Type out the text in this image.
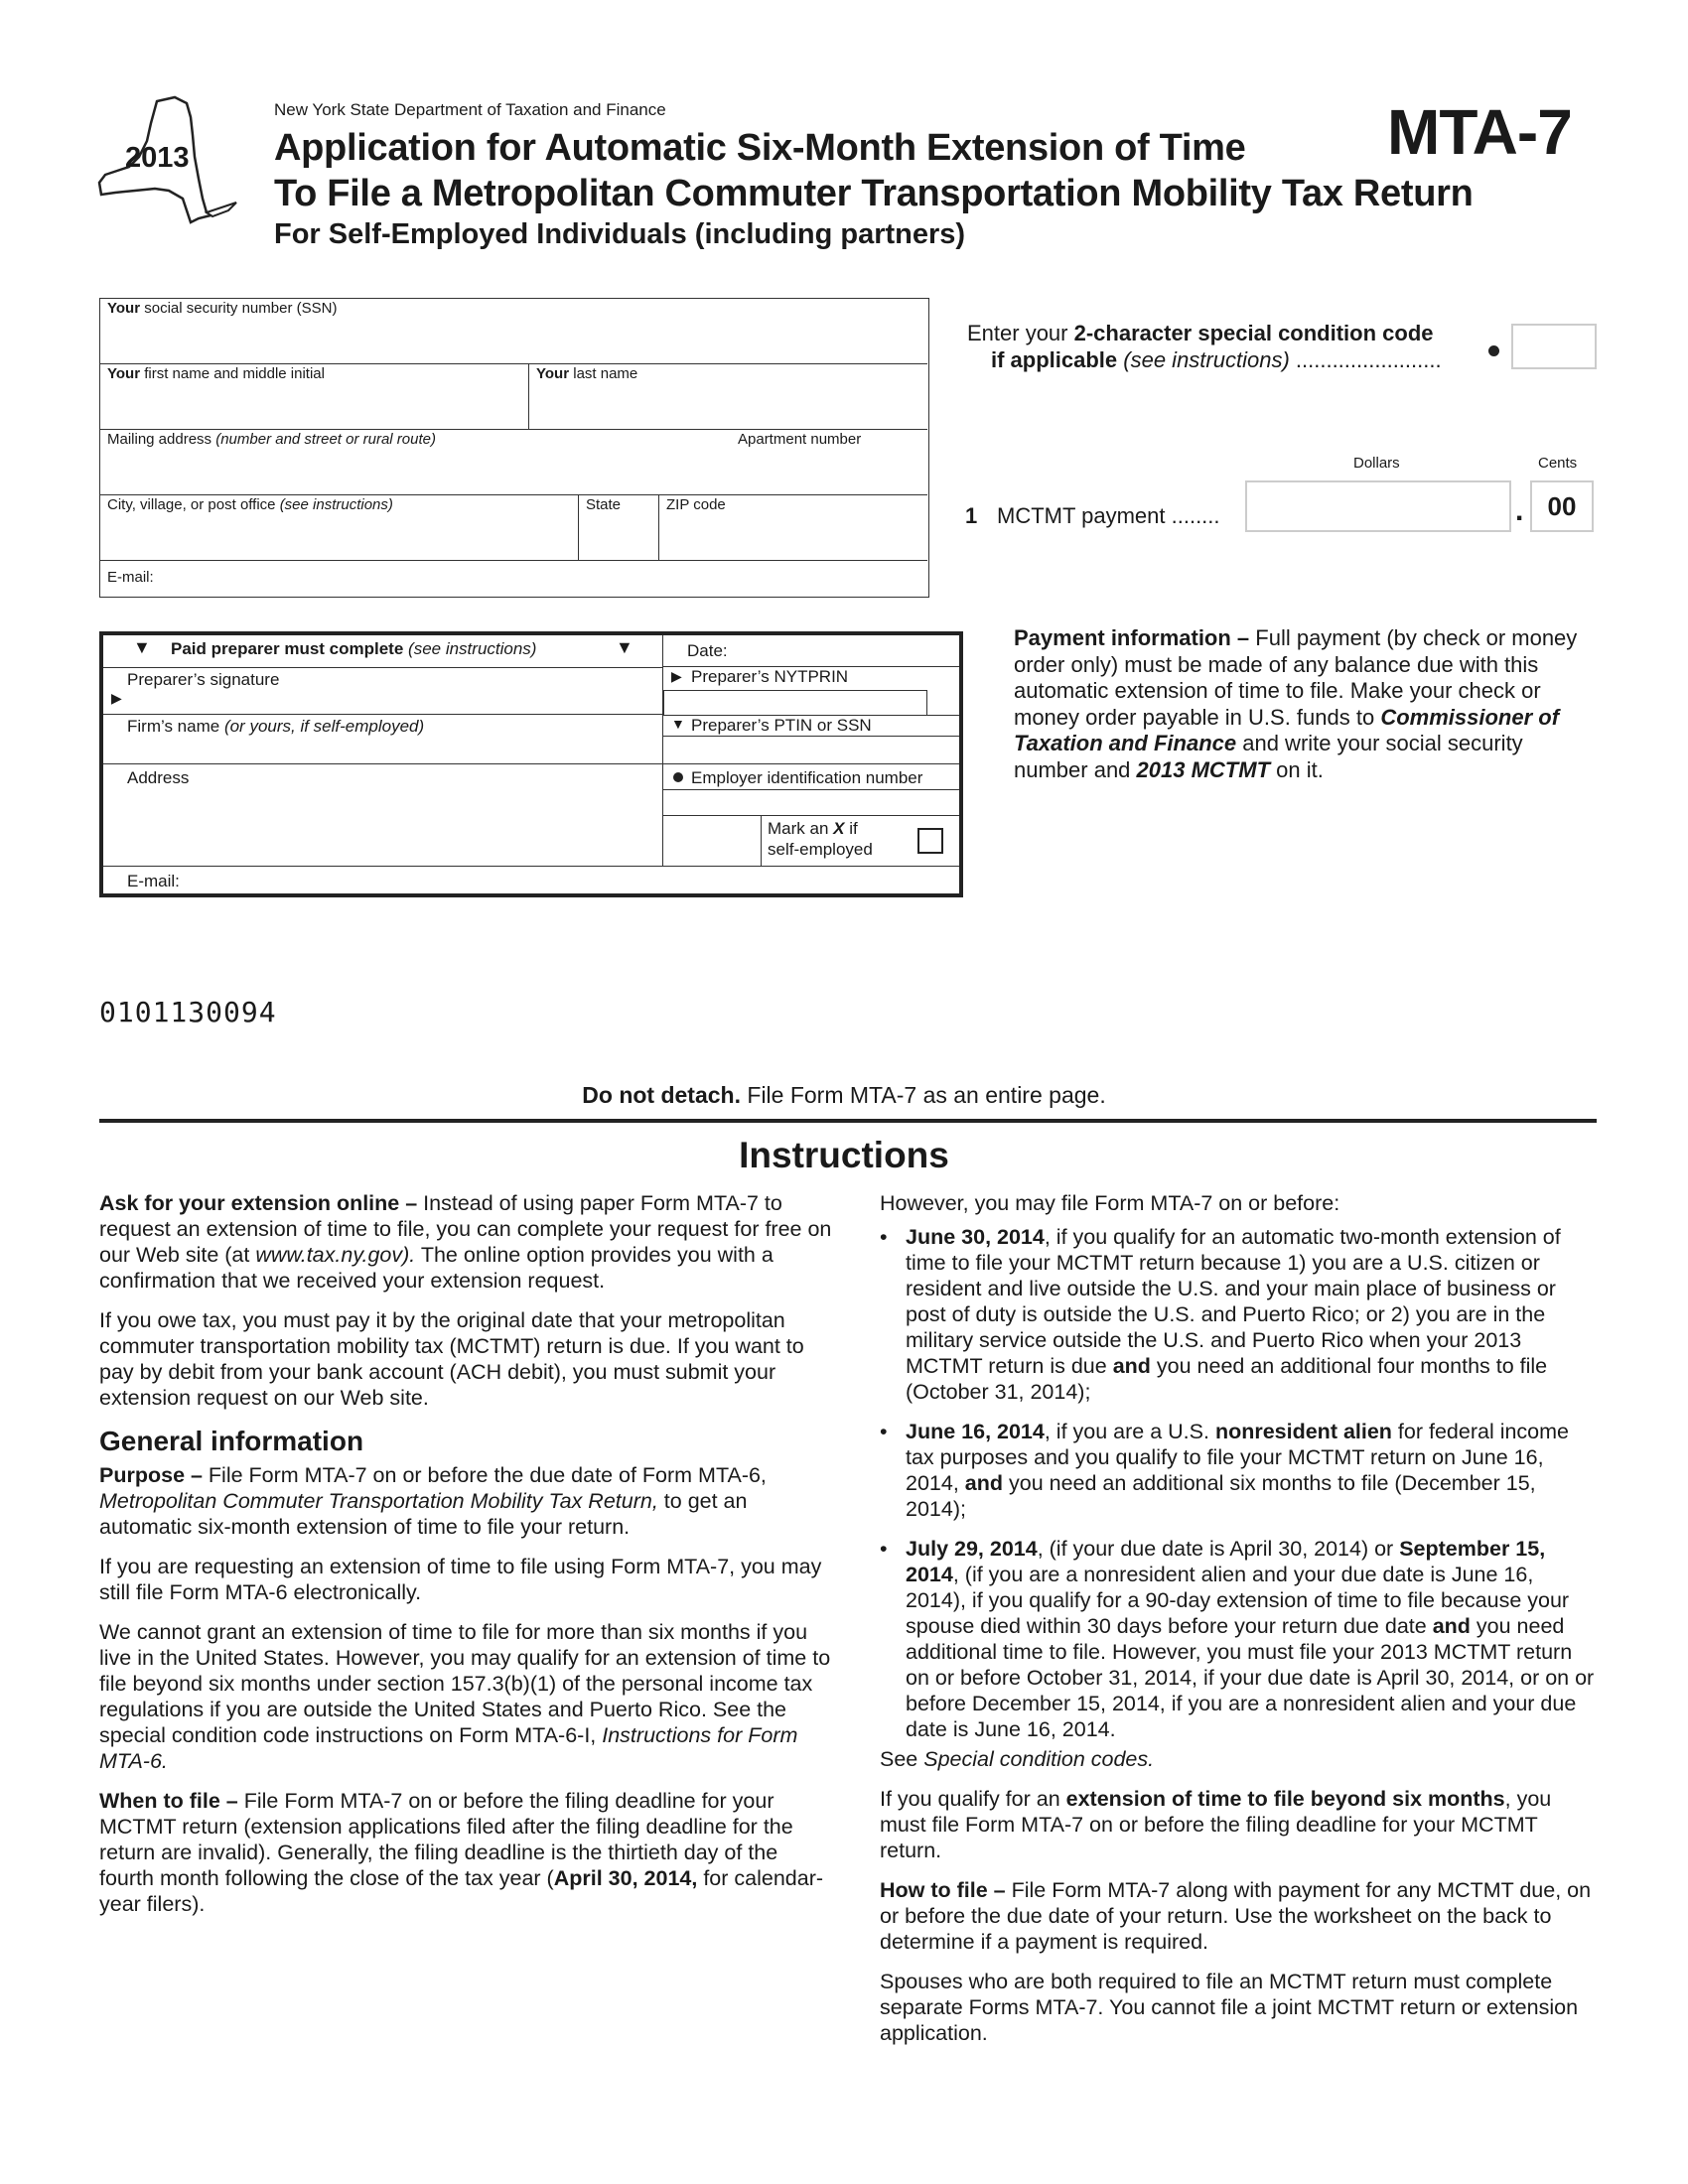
2013
New York State Department of Taxation and Finance
Application for Automatic Six-Month Extension of Time
To File a Metropolitan Commuter Transportation Mobility Tax Return
For Self-Employed Individuals (including partners)
MTA-7
Your social security number (SSN)
Your first name and middle initial	Your last name
Mailing address (number and street or rural route)	Apartment number
City, village, or post office (see instructions)	State	ZIP code
E-mail:
Enter your 2-character special condition code
if applicable (see instructions) ........................
Dollars	Cents
1 MCTMT payment ........	. 00
▼ Paid preparer must complete (see instructions)	▼	Date:
Preparer’s signature
▶
▶ Preparer’s NYTPRIN
Firm’s name (or yours, if self-employed)	▼ Preparer’s PTIN or SSN
Address	Employer identification number
Mark an X if
self-employed
E-mail:
Payment information – Full payment (by check or money order only) must be made of any balance due with this automatic extension of time to file. Make your check or money order payable in U.S. funds to Commissioner of Taxation and Finance and write your social security number and 2013 MCTMT on it.
0101130094
Do not detach. File Form MTA-7 as an entire page.
Instructions

Ask for your extension online – Instead of using paper Form MTA-7 to request an extension of time to file, you can complete your request for free on our Web site (at www.tax.ny.gov). The online option provides you with a confirmation that we received your extension request.

If you owe tax, you must pay it by the original date that your metropolitan commuter transportation mobility tax (MCTMT) return is due. If you want to pay by debit from your bank account (ACH debit), you must submit your extension request on our Web site.

General information

Purpose – File Form MTA-7 on or before the due date of Form MTA-6, Metropolitan Commuter Transportation Mobility Tax Return, to get an automatic six-month extension of time to file your return.

If you are requesting an extension of time to file using Form MTA-7, you may still file Form MTA-6 electronically.

We cannot grant an extension of time to file for more than six months if you live in the United States. However, you may qualify for an extension of time to file beyond six months under section 157.3(b)(1) of the personal income tax regulations if you are outside the United States and Puerto Rico. See the special condition code instructions on Form MTA-6-I, Instructions for Form MTA-6.

When to file – File Form MTA-7 on or before the filing deadline for your MCTMT return (extension applications filed after the filing deadline for the return are invalid). Generally, the filing deadline is the thirtieth day of the fourth month following the close of the tax year (April 30, 2014, for calendar-year filers).

However, you may file Form MTA-7 on or before:

• June 30, 2014, if you qualify for an automatic two-month extension of time to file your MCTMT return because 1) you are a U.S. citizen or resident and live outside the U.S. and your main place of business or post of duty is outside the U.S. and Puerto Rico; or 2) you are in the military service outside the U.S. and Puerto Rico when your 2013 MCTMT return is due and you need an additional four months to file (October 31, 2014);
• June 16, 2014, if you are a U.S. nonresident alien for federal income tax purposes and you qualify to file your MCTMT return on June 16, 2014, and you need an additional six months to file (December 15, 2014);
• July 29, 2014, (if your due date is April 30, 2014) or September 15, 2014, (if you are a nonresident alien and your due date is June 16, 2014), if you qualify for a 90-day extension of time to file because your spouse died within 30 days before your return due date and you need additional time to file. However, you must file your 2013 MCTMT return on or before October 31, 2014, if your due date is April 30, 2014, or on or before December 15, 2014, if you are a nonresident alien and your due date is June 16, 2014.

See Special condition codes.

If you qualify for an extension of time to file beyond six months, you must file Form MTA-7 on or before the filing deadline for your MCTMT return.

How to file – File Form MTA-7 along with payment for any MCTMT due, on or before the due date of your return. Use the worksheet on the back to determine if a payment is required.

Spouses who are both required to file an MCTMT return must complete separate Forms MTA-7. You cannot file a joint MCTMT return or extension application.
